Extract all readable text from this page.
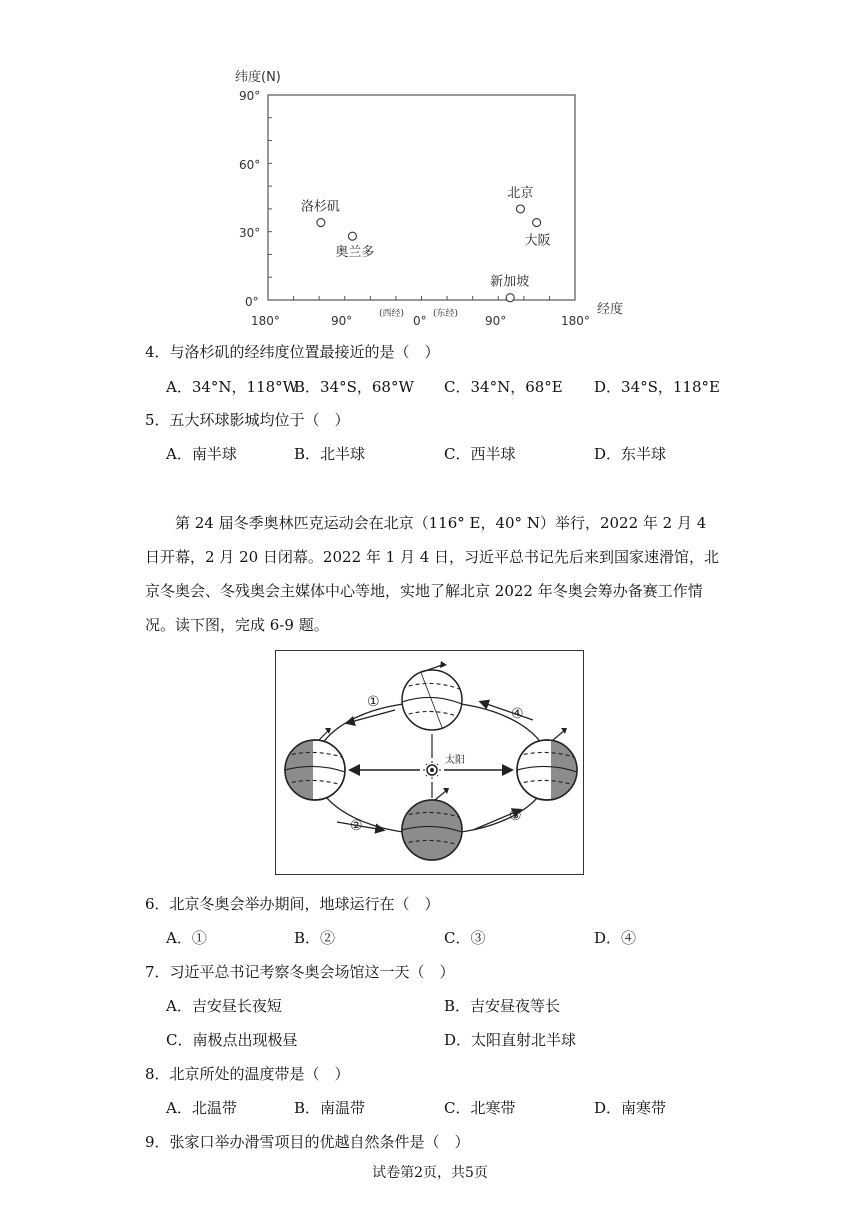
纬度(N)
经度
90°
60°
30°
0°
180°	90°	0°	90°	180°
(西经)	(东经)
洛杉矶
奥兰多
北京
大阪
新加坡
4．与洛杉矶的经纬度位置最接近的是（　）
A．34°N，118°W
B．34°S，68°W C．34°N，68°E D．34°S，118°E
5．五大环球影城均位于（　）
A．南半球	B．北半球	C．西半球	D．东半球
第 24 届冬季奥林匹克运动会在北京（116° E，40° N）举行，2022 年 2 月 4 日开幕，2 月 20 日闭幕。2022 年 1 月 4 日，习近平总书记先后来到国家速滑馆，北京冬奥会、冬残奥会主媒体中心等地，实地了解北京 2022 年冬奥会筹办备赛工作情况。读下图，完成 6-9 题。
太阳
①
②
③
④
6．北京冬奥会举办期间，地球运行在（　）
A．①	B．②	C．③	D．④
7．习近平总书记考察冬奥会场馆这一天（　）
A．吉安昼长夜短	B．吉安昼夜等长
C．南极点出现极昼	D．太阳直射北半球
8．北京所处的温度带是（　）
A．北温带	B．南温带	C．北寒带	D．南寒带
9．张家口举办滑雪项目的优越自然条件是（　）
试卷第2页，共5页
